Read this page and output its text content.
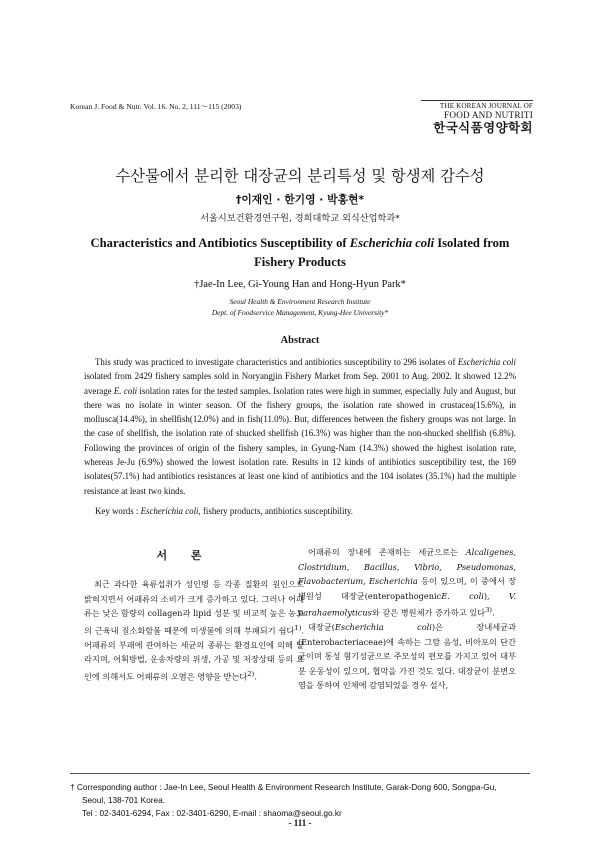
Korean J. Food & Nutr. Vol. 16. No. 2, 111～115 (2003)	THE KOREAN JOURNAL OF
FOOD AND NUTRITI
한국식품영양학회
수산물에서 분리한 대장균의 분리특성 및 항생제 감수성
†이재인 · 한기영 · 박홍현*
서울시보건환경연구원, 경희대학교 외식산업학과*
Characteristics and Antibiotics Susceptibility of Escherichia coli Isolated from Fishery Products
†Jae-In Lee, Gi-Young Han and Hong-Hyun Park*
Seoul Health & Environment Research Institute
Dept. of Foodservice Management, Kyung-Hee University*
Abstract

This study was practiced to investigate characteristics and antibiotics susceptibility to 296 isolates of Escherichia coli isolated from 2429 fishery samples sold in Noryangjin Fishery Market from Sep. 2001 to Aug. 2002. It showed 12.2% average E. coli isolation rates for the tested samples. Isolation rates were high in summer, especially July and August, but there was no isolate in winter season. Of the fishery groups, the isolation rate showed in crustacea(15.6%), in mollusca(14.4%), in shellfish(12.0%) and in fish(11.0%). But, differences between the fishery groups was not large. In the case of shellfish, the isolation rate of shucked shellfish (16.3%) was higher than the non-shucked shellfish (6.8%). Following the provinces of origin of the fishery samples, in Gyung-Nam (14.3%) showed the highest isolation rate, whereas Je-Ju (6.9%) showed the lowest isolation rate. Results in 12 kinds of antibiotics susceptibility test, the 169 isolates(57.1%) had antibiotics resistances at least one kind of antibiotics and the 104 isolates (35.1%) had the multiple resistance at least two kinds.

Key words : Escherichia coli, fishery products, antibiotics susceptibility.
서 론

최근 과다한 육류섭취가 성인병 등 각종 질환의 원인으로 밝혀지면서 어패류의 소비가 크게 증가하고 있다. 그러나 어패류는 낮은 함량의 collagen과 lipid 성분 및 비교적 높은 농도의 근육내 질소화합물 때문에 미생물에 의해 부패되기 쉽다$^{1)}$. 어패류의 부패에 관여하는 세균의 종류는 환경요인에 의해 달라지며, 어획방법, 운송차량의 위생, 가공 및 저장상태 등의 요인에 의해서도 어패류의 오염은 영향을 받는다$^{2)}$.

어패류의 장내에 존재하는 세균으로는 Alcaligenes, Clostridium, Bacillus, Vibrio, Pseudomonas, Flavobacterium, Escherichia 등이 있으며, 이 중에서 장병원성 대장균(enteropathogenicE. coli), V. parahaemolyticus와 같은 병원체가 증가하고 있다$^{3)}$.

대장균(Escherichia coli)은 장내세균과(Enterobacteriaceae)에 속하는 그람 음성, 비아포의 단간균이며 통성 혐기성균으로 주모성의 편모를 가지고 있어 대부분 운동성이 있으며, 협막을 가진 것도 있다. 대장균이 분변오염을 통하여 인체에 감염되었을 경우 설사,

† Corresponding author : Jae-In Lee, Seoul Health & Environment Research Institute, Garak-Dong 600, Songpa-Gu,
Seoul, 138-701 Korea.
Tel : 02-3401-6294, Fax : 02-3401-6290, E-mail : shaoma@seoul.go.kr
- 111 -
